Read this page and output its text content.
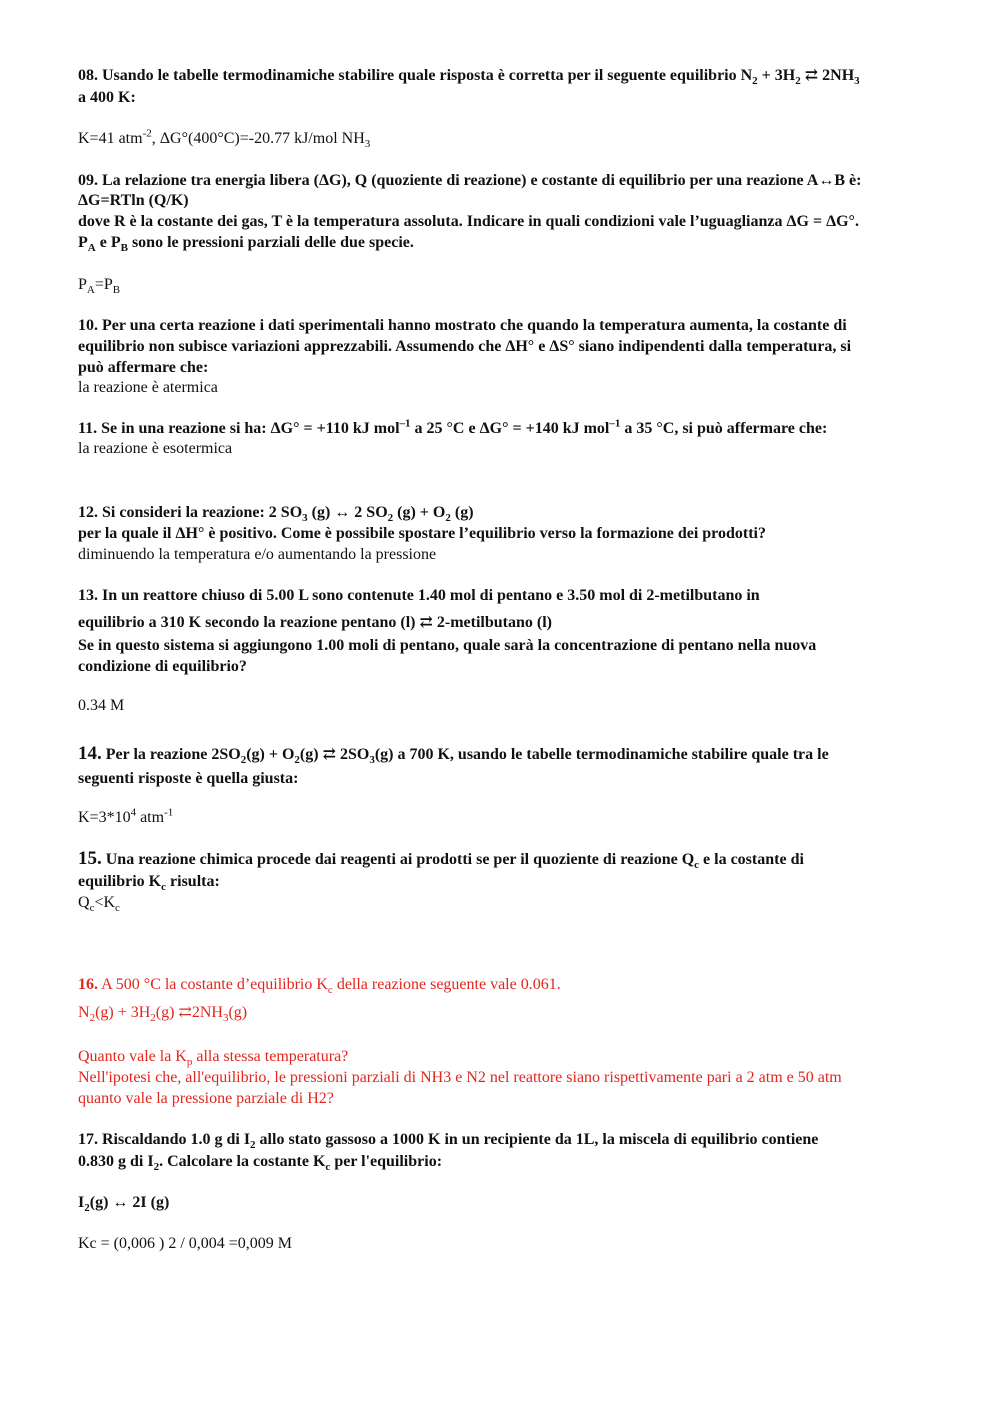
08. Usando le tabelle termodinamiche stabilire quale risposta è corretta per il seguente equilibrio $N_2 + 3H_2$ ⇄ $2NH_3$
a 400 K:
K=41 atm$^{-2}$, ΔG°(400°C)=-20.77 kJ/mol $NH_3$
09. La relazione tra energia libera (ΔG), Q (quoziente di reazione) e costante di equilibrio per una reazione A↔B è:
ΔG=RTln (Q/K)
dove R è la costante dei gas, T è la temperatura assoluta. Indicare in quali condizioni vale l’uguaglianza ΔG = ΔG°.
$P_A$ e $P_B$ sono le pressioni parziali delle due specie.
$P_A=P_B$
10. Per una certa reazione i dati sperimentali hanno mostrato che quando la temperatura aumenta, la costante di
equilibrio non subisce variazioni apprezzabili. Assumendo che ΔH° e ΔS° siano indipendenti dalla temperatura, si
può affermare che:
la reazione è atermica
11. Se in una reazione si ha: ΔG° = +110 kJ mol$^{-1}$ a 25 °C e ΔG° = +140 kJ mol$^{-1}$ a 35 °C, si può affermare che:
la reazione è esotermica
12. Si consideri la reazione: 2 $SO_3$ (g) ↔ 2 $SO_2$ $(g) + O_2$ (g)
per la quale il ΔH° è positivo. Come è possibile spostare l’equilibrio verso la formazione dei prodotti?
diminuendo la temperatura e/o aumentando la pressione
13. In un reattore chiuso di 5.00 L sono contenute 1.40 mol di pentano e 3.50 mol di 2-metilbutano in
equilibrio a 310 K secondo la reazione pentano (l) ⇄ 2-metilbutano (l)
Se in questo sistema si aggiungono 1.00 moli di pentano, quale sarà la concentrazione di pentano nella nuova
condizione di equilibrio?
0.34 M
14. Per la reazione $2SO_2(g) + O_2(g)$ ⇄ $2SO_3(g)$ a 700 K, usando le tabelle termodinamiche stabilire quale tra le
seguenti risposte è quella giusta:
$K=3*10^4$ atm$^{-1}$
15. Una reazione chimica procede dai reagenti ai prodotti se per il quoziente di reazione $Q_c$ e la costante di
equilibrio $K_c$ risulta:
$Q_c<K_c$
16. A 500 °C la costante d’equilibrio $K_c$ della reazione seguente vale 0.061.
$N_2(g) + 3H_2(g)$ $⇄2NH_3(g)$
Quanto vale la $K_p$ alla stessa temperatura?
Nell'ipotesi che, all'equilibrio, le pressioni parziali di NH3 e N2 nel reattore siano rispettivamente pari a 2 atm e 50 atm
quanto vale la pressione parziale di H2?
17. Riscaldando 1.0 g di $I_2$ allo stato gassoso a 1000 K in un recipiente da 1L, la miscela di equilibrio contiene
0.830 g di $I_2$. Calcolare la costante $K_c$ per l'equilibrio:
$I_2(g)$ ↔ 2I (g)
Kc = (0,006 ) 2 / 0,004 =0,009 M
